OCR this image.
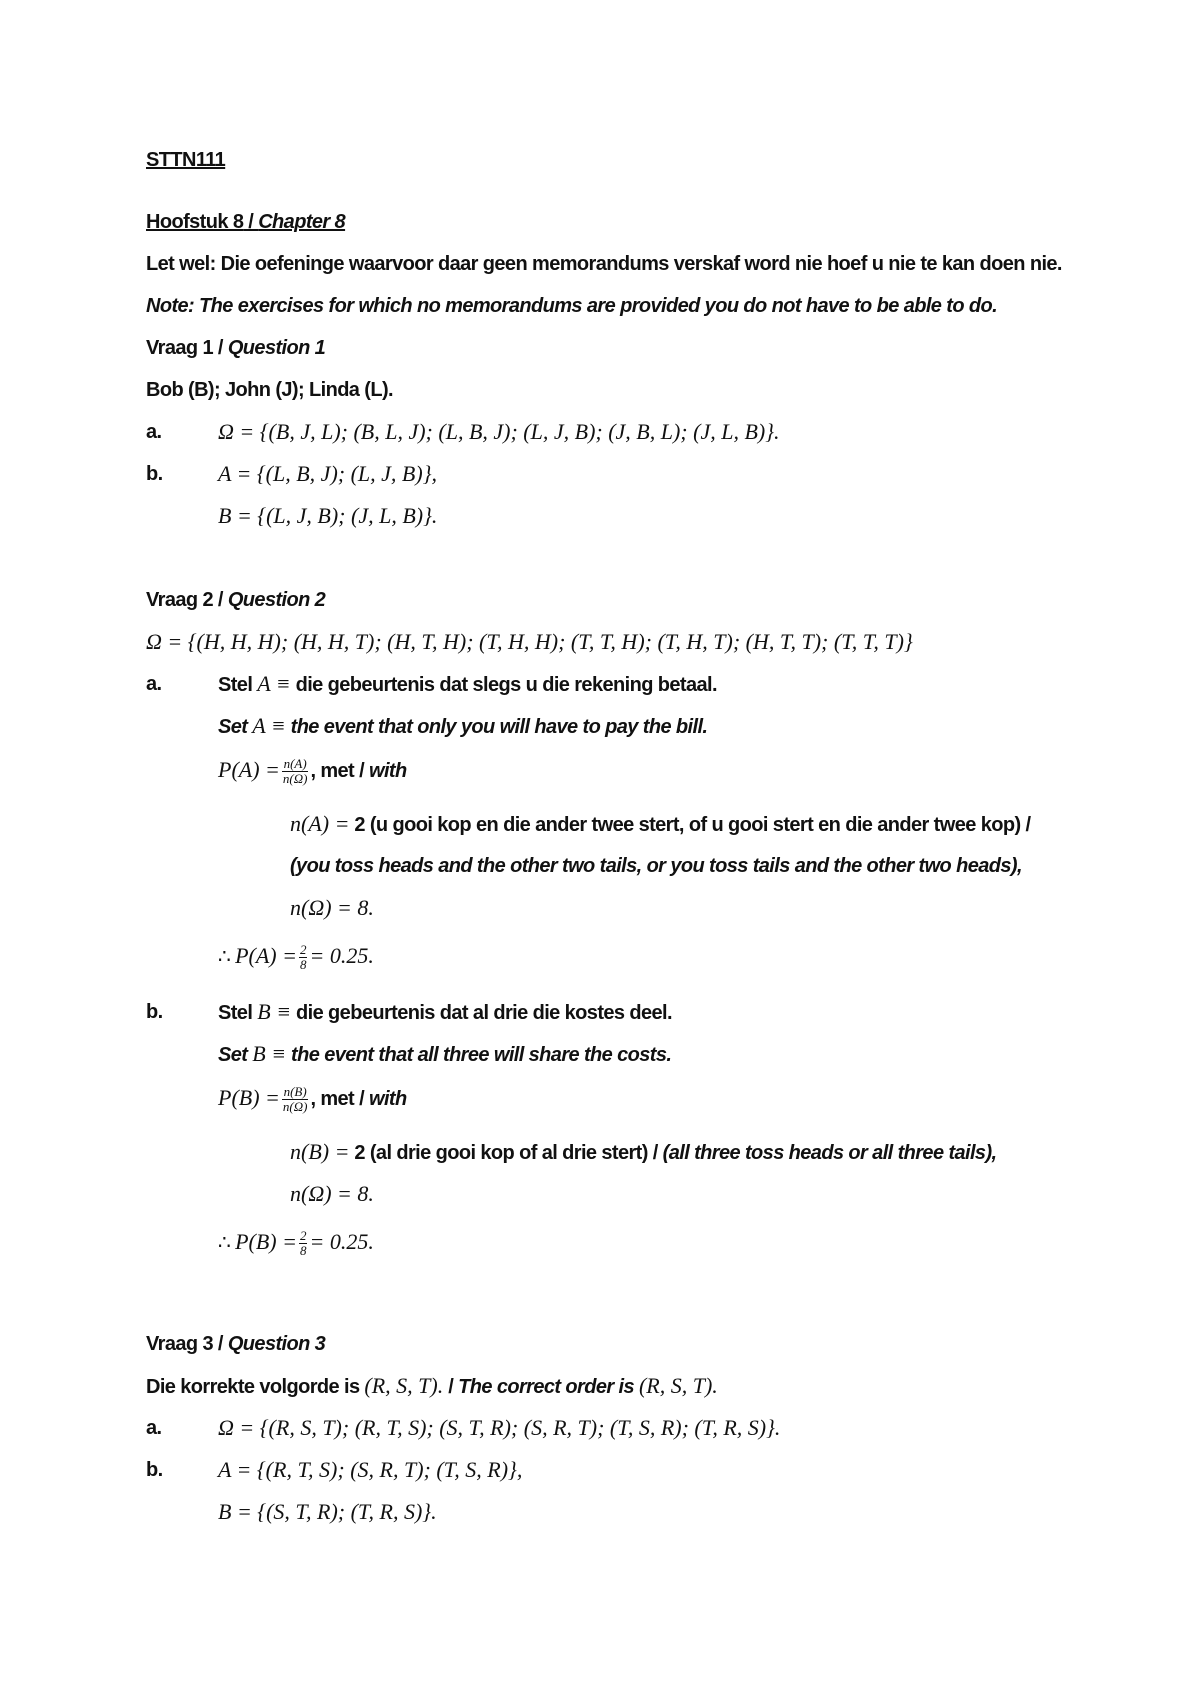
STTN111
Hoofstuk 8 / Chapter 8
Let wel: Die oefeninge waarvoor daar geen memorandums verskaf word nie hoef u nie te kan doen nie.
Note: The exercises for which no memorandums are provided you do not have to be able to do.
Vraag 1 / Question 1
Bob (B); John (J); Linda (L).
a.	Ω = {(B, J, L); (B, L, J); (L, B, J); (L, J, B); (J, B, L); (J, L, B)}.
b.	A = {(L, B, J); (L, J, B)},
B = {(L, J, B); (J, L, B)}.
Vraag 2 / Question 2
Ω = {(H, H, H); (H, H, T); (H, T, H); (T, H, H); (T, T, H); (T, H, T); (H, T, T); (T, T, T)}
a.	Stel A ≡ die gebeurtenis dat slegs u die rekening betaal.
Set A ≡ the event that only you will have to pay the bill.
$P(A) = \frac{n(A)}{n(\Omega)}$ , met / with
n(A) = 2 (u gooi kop en die ander twee stert, of u gooi stert en die ander twee kop) /
(you toss heads and the other two tails, or you toss tails and the other two heads),
n(Ω) = 8.
∴ $P(A) = \frac{2}{8} = 0.25$.
b.	Stel B ≡ die gebeurtenis dat al drie die kostes deel.
Set B ≡ the event that all three will share the costs.
$P(B) = \frac{n(B)}{n(\Omega)}$ , met / with
n(B) = 2 (al drie gooi kop of al drie stert) / (all three toss heads or all three tails),
n(Ω) = 8.
∴ $P(B) = \frac{2}{8} = 0.25$.
Vraag 3 / Question 3
Die korrekte volgorde is (R, S, T). / The correct order is (R, S, T).
a.	Ω = {(R, S, T); (R, T, S); (S, T, R); (S, R, T); (T, S, R); (T, R, S)}.
b.	A = {(R, T, S); (S, R, T); (T, S, R)},
B = {(S, T, R); (T, R, S)}.
